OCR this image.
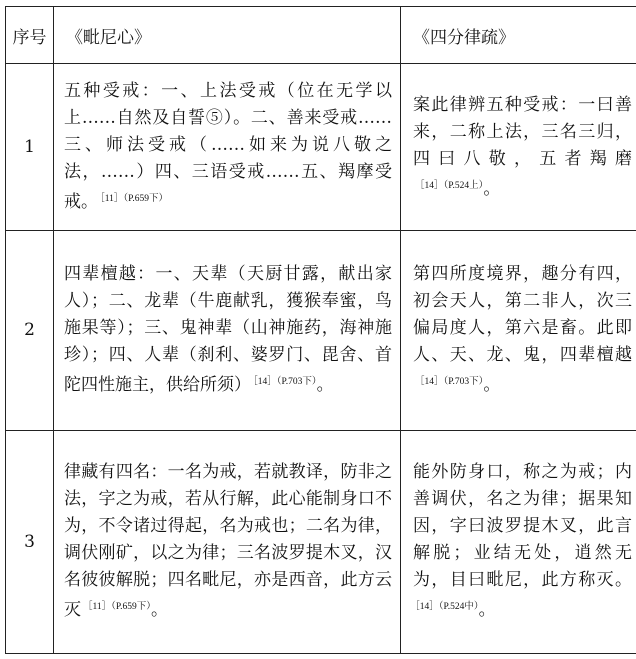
序号	《毗尼心》	《四分律疏》
1	五种受戒：一、上法受戒（位在无学以上……自然及自誓⑤）。二、善来受戒……三、师法受戒（……如来为说八敬之法，……）四、三语受戒……五、羯摩受戒。 $^{[11](P.659下)}$	案此律辨五种受戒：一曰善来，二称上法，三名三归，四曰八敬，五者羯磨$^{[14](P.524上)}$。
2	四辈檀越：一、天辈（天厨甘露，献出家人）；二、龙辈（牛鹿献乳，獲猴奉蜜，鸟施果等）；三、鬼神辈（山神施药，海神施珍）；四、人辈（刹利、婆罗门、毘舍、首陀四性施主，供给所须） $^{[14](P.703下)}$。	第四所度境界，趣分有四，初会天人，第二非人，次三偏局度人，第六是畜。此即人、天、龙、鬼，四辈檀越$^{[14](P.703下)}$。
3	律藏有四名：一名为戒，若就教译，防非之法，字之为戒，若从行解，此心能制身口不为，不令诸过得起，名为戒也；二名为律，调伏刚矿，以之为律；三名波罗提木叉，汉名彼彼解脱；四名毗尼，亦是西音，此方云灭 $^{[11](P.659下)}$。	能外防身口，称之为戒；内善调伏，名之为律；据果知因，字曰波罗提木叉，此言解脱；业结无处，逍然无为，目曰毗尼，此方称灭。$^{[14](P.524中)}$。
